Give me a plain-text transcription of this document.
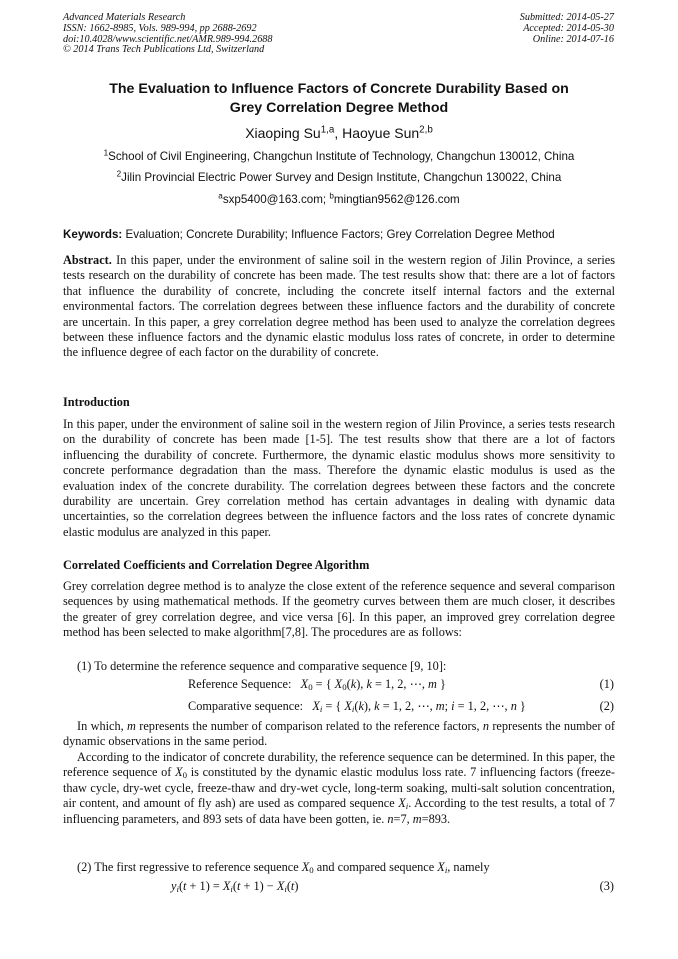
Advanced Materials Research
ISSN: 1662-8985, Vols. 989-994, pp 2688-2692
doi:10.4028/www.scientific.net/AMR.989-994.2688
© 2014 Trans Tech Publications Ltd, Switzerland
Submitted: 2014-05-27
Accepted: 2014-05-30
Online: 2014-07-16
The Evaluation to Influence Factors of Concrete Durability Based on
Grey Correlation Degree Method
Xiaoping Su$^{1,a}$, Haoyue Sun$^{2,b}$
$^1$School of Civil Engineering, Changchun Institute of Technology, Changchun 130012, China
$^2$Jilin Provincial Electric Power Survey and Design Institute, Changchun 130022, China
$^a$sxp5400@163.com; $^b$mingtian9562@126.com
Keywords: Evaluation; Concrete Durability; Influence Factors; Grey Correlation Degree Method
Abstract. In this paper, under the environment of saline soil in the western region of Jilin Province, a series tests research on the durability of concrete has been made. The test results show that: there are a lot of factors that influence the durability of concrete, including the concrete itself internal factors and the external environmental factors. The correlation degrees between these influence factors and the durability of concrete are uncertain. In this paper, a grey correlation degree method has been used to analyze the correlation degrees between these influence factors and the dynamic elastic modulus loss rates of concrete, in order to determine the influence degree of each factor on the durability of concrete.
Introduction
In this paper, under the environment of saline soil in the western region of Jilin Province, a series tests research on the durability of concrete has been made [1-5]. The test results show that there are a lot of factors influencing the durability of concrete. Furthermore, the dynamic elastic modulus shows more sensitivity to concrete performance degradation than the mass. Therefore the dynamic elastic modulus is used as the evaluation index of the concrete durability. The correlation degrees between these factors and the concrete durability are uncertain. Grey correlation method has certain advantages in dealing with dynamic data uncertainties, so the correlation degrees between the influence factors and the loss rates of concrete dynamic elastic modulus are analyzed in this paper.
Correlated Coefficients and Correlation Degree Algorithm
Grey correlation degree method is to analyze the close extent of the reference sequence and several comparison sequences by using mathematical methods. If the geometry curves between them are much closer, it describes the greater of grey correlation degree, and vice versa [6]. In this paper, an improved grey correlation degree method has been selected to make algorithm[7,8]. The procedures are as follows:
(1) To determine the reference sequence and comparative sequence [9, 10]:
Reference Sequence: $X_0$ = { $X_0(k)$, k = 1, 2, ⋯, m }	(1)
Comparative sequence: $X_i$ = { $X_i(k)$, k = 1, 2, ⋯, m; i = 1, 2, ⋯, n }	(2)
In which, m represents the number of comparison related to the reference factors, n represents the number of dynamic observations in the same period.
According to the indicator of concrete durability, the reference sequence can be determined. In this paper, the reference sequence of $X_0$ is constituted by the dynamic elastic modulus loss rate. 7 influencing factors (freeze-thaw cycle, dry-wet cycle, freeze-thaw and dry-wet cycle, long-term soaking, multi-salt solution concentration, air content, and amount of fly ash) are used as compared sequence $X_i$. According to the test results, a total of 7 influencing parameters, and 893 sets of data have been gotten, ie. n=7, m=893.
(2) The first regressive to reference sequence $X_0$ and compared sequence $X_i$, namely
$y_i(t + 1) = X_i(t + 1) - X_i(t)$	(3)
